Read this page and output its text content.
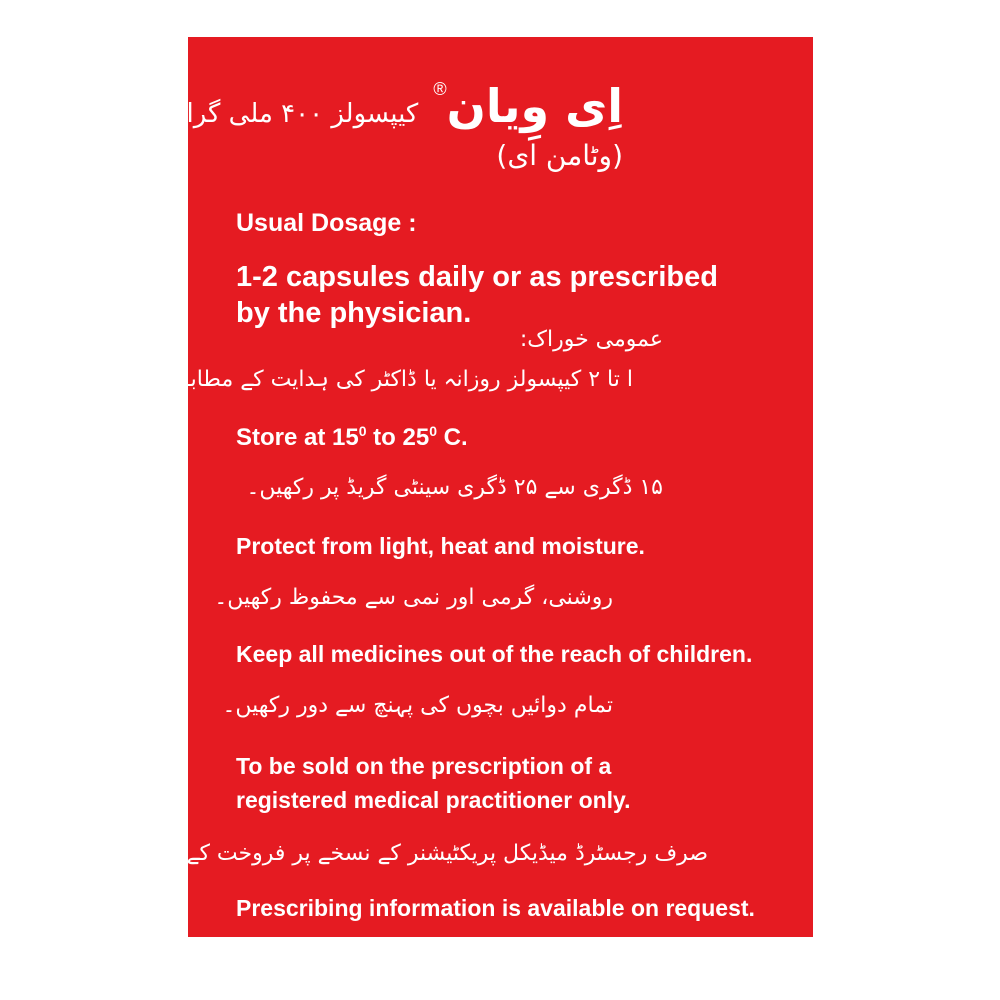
اِی وِیان® کیپسولز ۴۰۰ ملی گرام
(وٹامن ای)
Usual Dosage :
1-2 capsules daily or as prescribed
by the physician.
عمومی خوراک:
ا تا ۲ کیپسولز روزانہ یا ڈاکٹر کی ہدایت کے مطابق۔
Store at $15^0$ to $25^0$ C.
۱۵ ڈگری سے ۲۵ ڈگری سینٹی گریڈ پر رکھیں۔
Protect from light, heat and moisture.
روشنی، گرمی اور نمی سے محفوظ رکھیں۔
Keep all medicines out of the reach of children.
تمام دوائیں بچوں کی پہنچ سے دور رکھیں۔
To be sold on the prescription of a
registered medical practitioner only.
صرف رجسٹرڈ میڈیکل پریکٹیشنر کے نسخے پر فروخت کے لئے۔
Prescribing information is available on request.
مزید معلومات کیلئے کمپنی سے رجوع کریں۔
